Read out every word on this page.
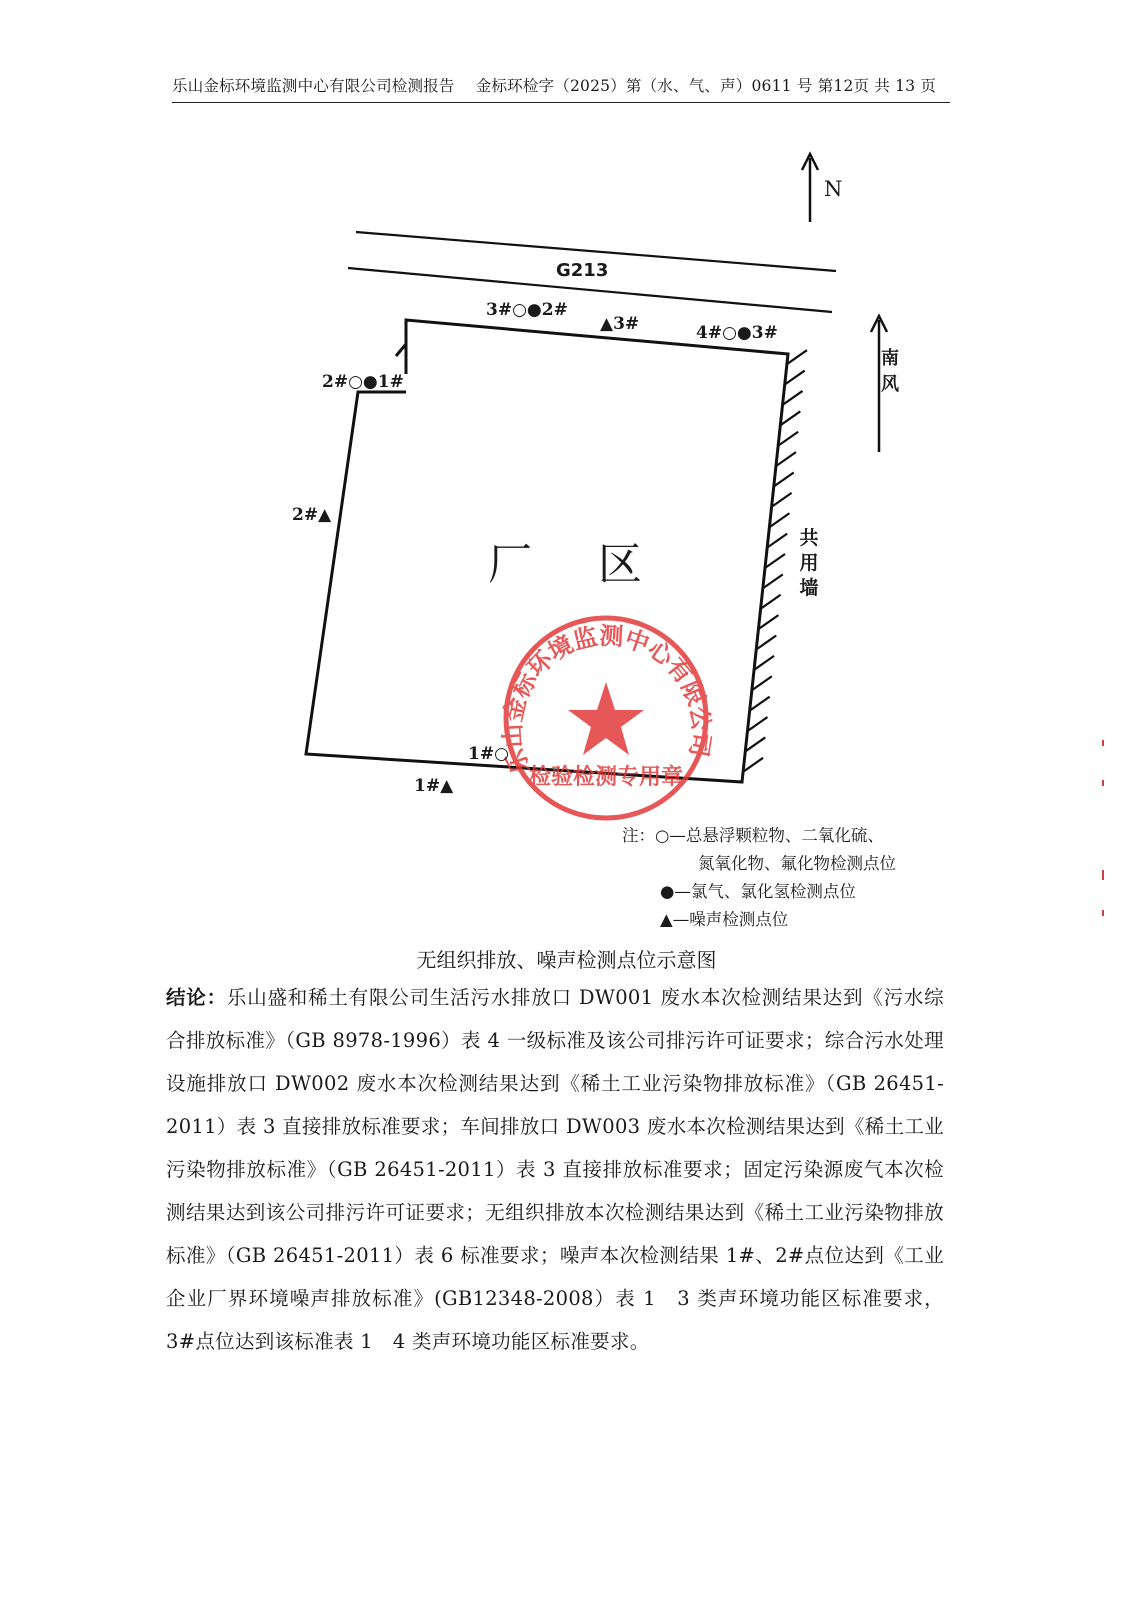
乐山金标环境监测中心有限公司检测报告 金标环检字（2025）第（水、气、声）0611 号 第12页 共 13 页
乐山金标环境监测中心有限公司
检验检测专用章
N
G213
南风
厂 区
共用墙
3#○●2#
▲3#	4#○●3#
2#○●1#
2#▲
1#○
1#▲
注：○—总悬浮颗粒物、二氧化硫、
氮氧化物、氟化物检测点位
●—氯气、氯化氢检测点位
▲—噪声检测点位
无组织排放、噪声检测点位示意图
结论：乐山盛和稀土有限公司生活污水排放口 DW001 废水本次检测结果达到《污水综合排放标准》（GB 8978-1996）表 4 一级标准及该公司排污许可证要求；综合污水处理设施排放口 DW002 废水本次检测结果达到《稀土工业污染物排放标准》（GB 26451-2011）表 3 直接排放标准要求；车间排放口 DW003 废水本次检测结果达到《稀土工业污染物排放标准》（GB 26451-2011）表 3 直接排放标准要求；固定污染源废气本次检测结果达到该公司排污许可证要求；无组织排放本次检测结果达到《稀土工业污染物排放标准》（GB 26451-2011）表 6 标准要求；噪声本次检测结果 1#、2#点位达到《工业企业厂界环境噪声排放标准》(GB12348-2008）表 1　3 类声环境功能区标准要求，3#点位达到该标准表 1　4 类声环境功能区标准要求。
